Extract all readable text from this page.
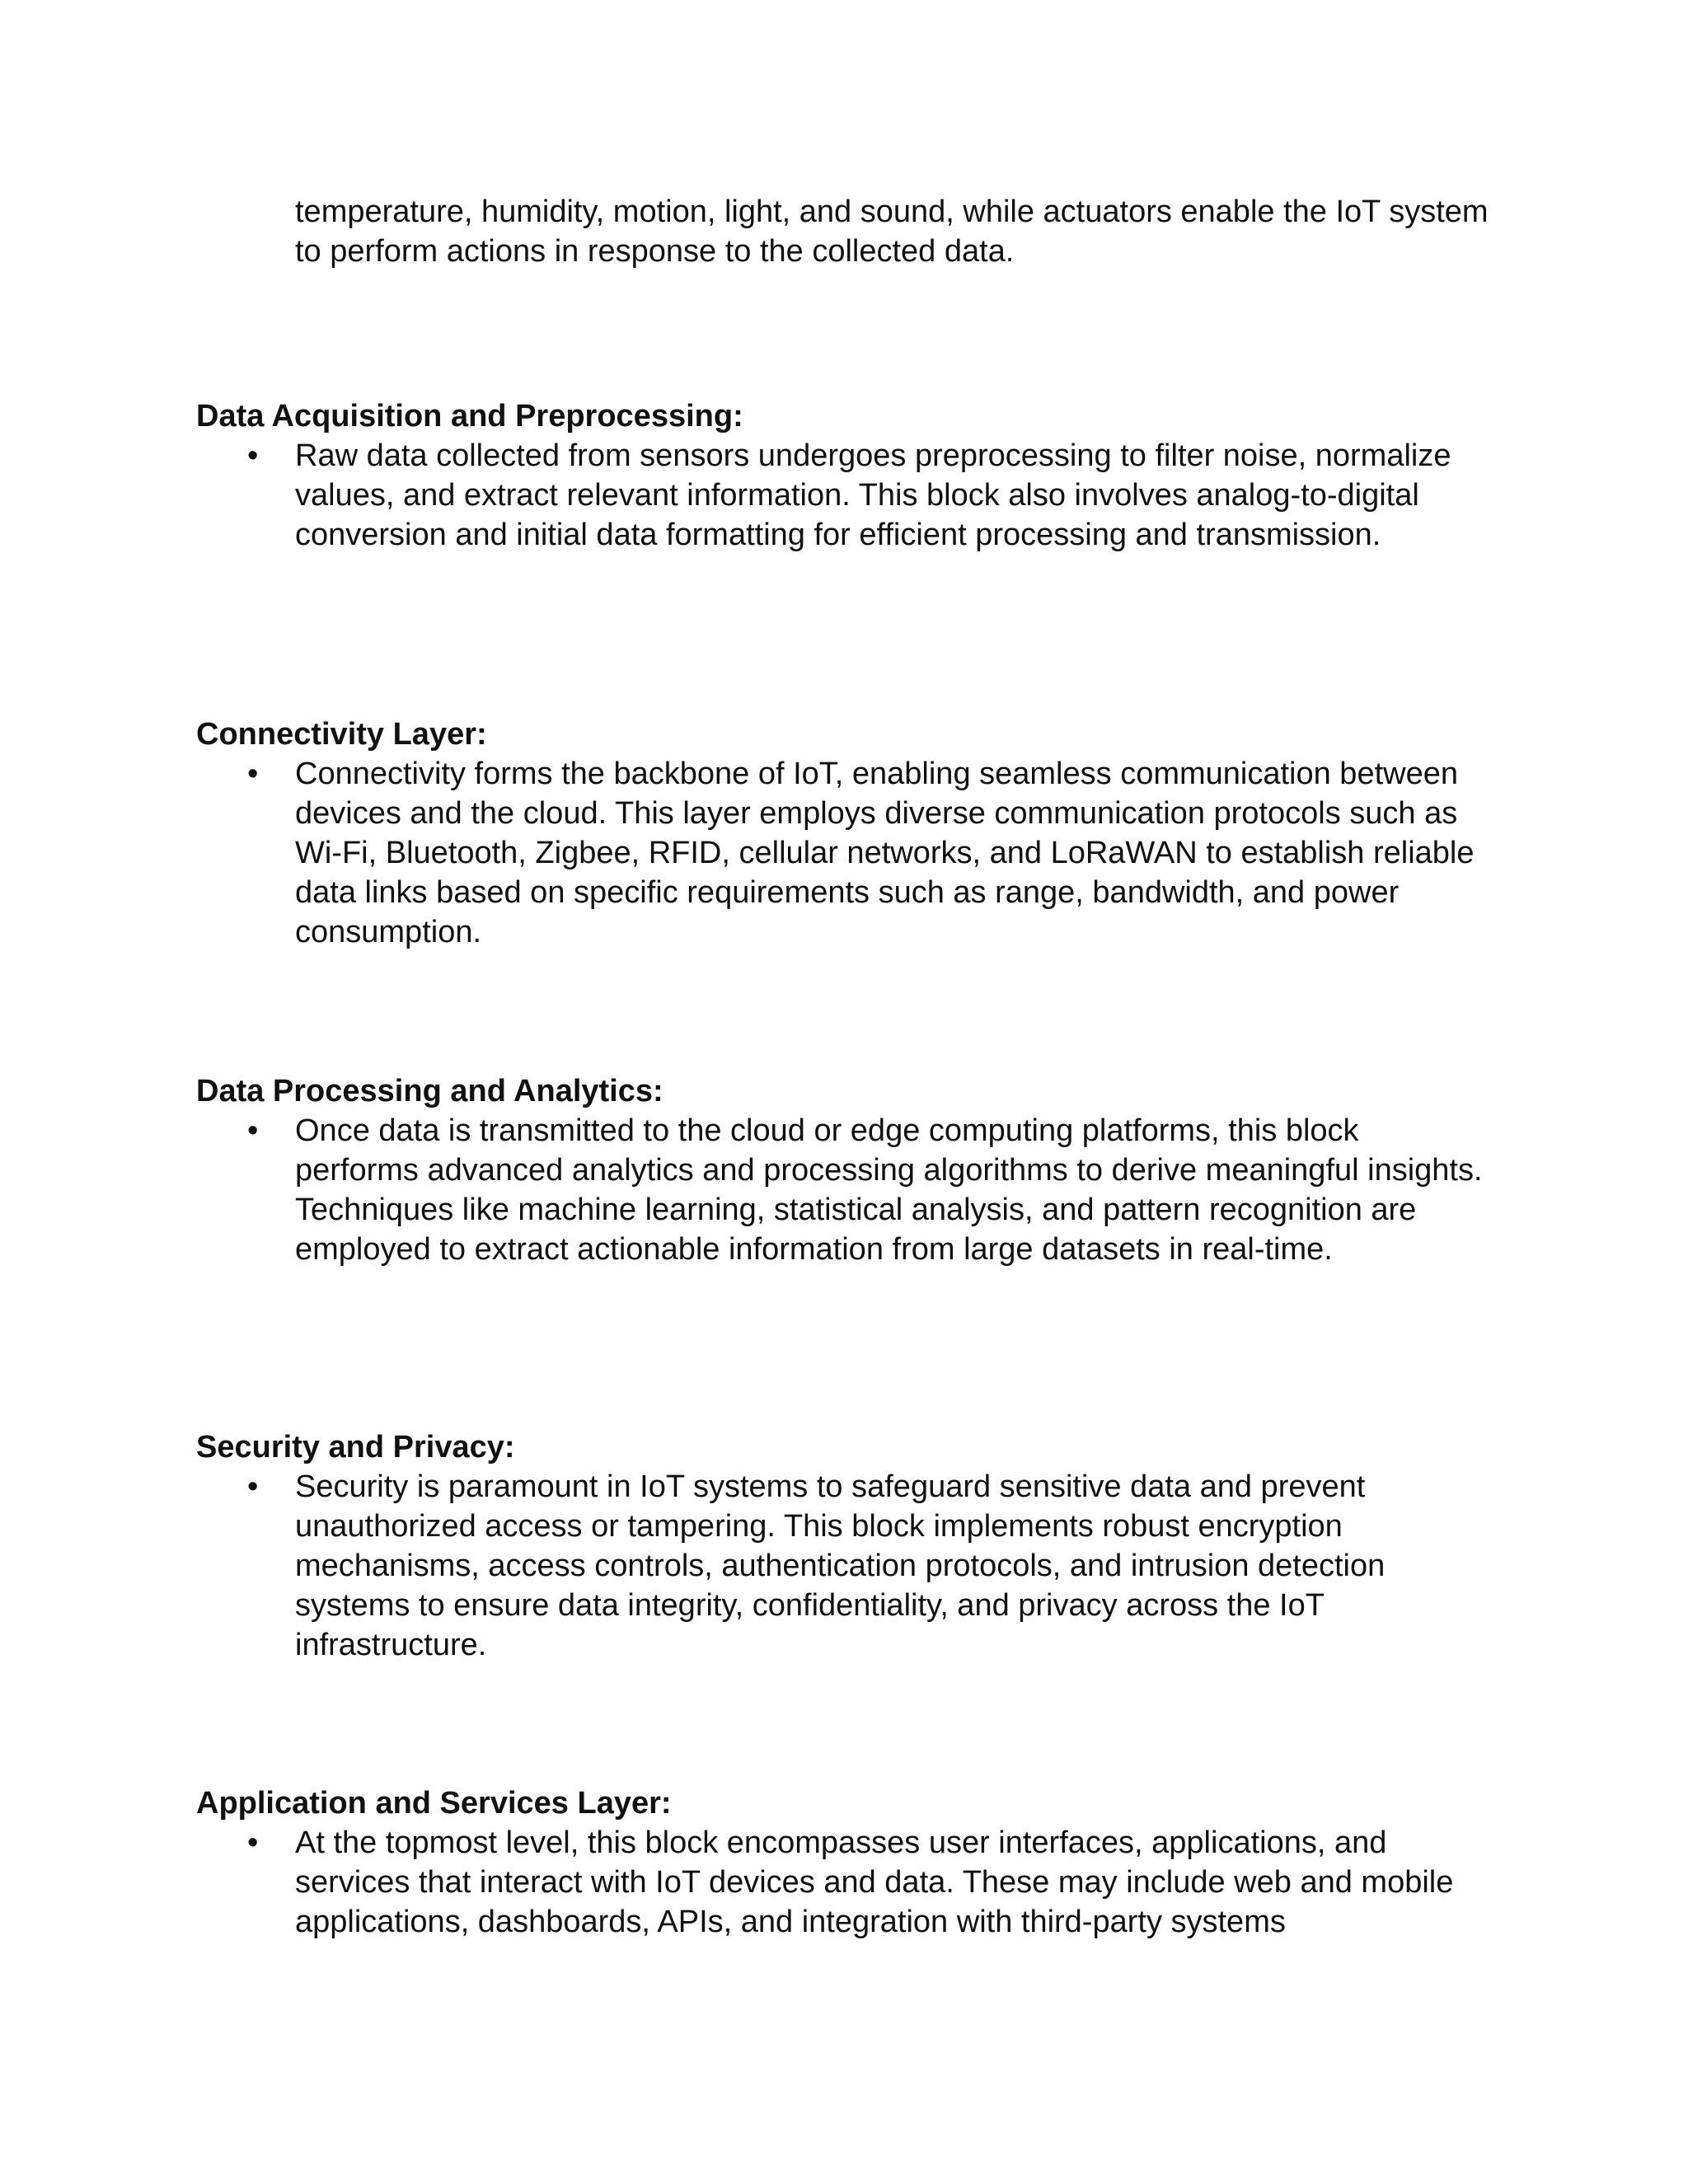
temperature, humidity, motion, light, and sound, while actuators enable the IoT system to perform actions in response to the collected data.

Data Acquisition and Preprocessing:

• Raw data collected from sensors undergoes preprocessing to filter noise, normalize values, and extract relevant information. This block also involves analog-to-digital conversion and initial data formatting for efficient processing and transmission.

Connectivity Layer:

• Connectivity forms the backbone of IoT, enabling seamless communication between devices and the cloud. This layer employs diverse communication protocols such as Wi-Fi, Bluetooth, Zigbee, RFID, cellular networks, and LoRaWAN to establish reliable data links based on specific requirements such as range, bandwidth, and power consumption.

Data Processing and Analytics:

• Once data is transmitted to the cloud or edge computing platforms, this block performs advanced analytics and processing algorithms to derive meaningful insights. Techniques like machine learning, statistical analysis, and pattern recognition are employed to extract actionable information from large datasets in real-time.

Security and Privacy:

• Security is paramount in IoT systems to safeguard sensitive data and prevent unauthorized access or tampering. This block implements robust encryption mechanisms, access controls, authentication protocols, and intrusion detection systems to ensure data integrity, confidentiality, and privacy across the IoT infrastructure.

Application and Services Layer:

• At the topmost level, this block encompasses user interfaces, applications, and services that interact with IoT devices and data. These may include web and mobile applications, dashboards, APIs, and integration with third-party systems
